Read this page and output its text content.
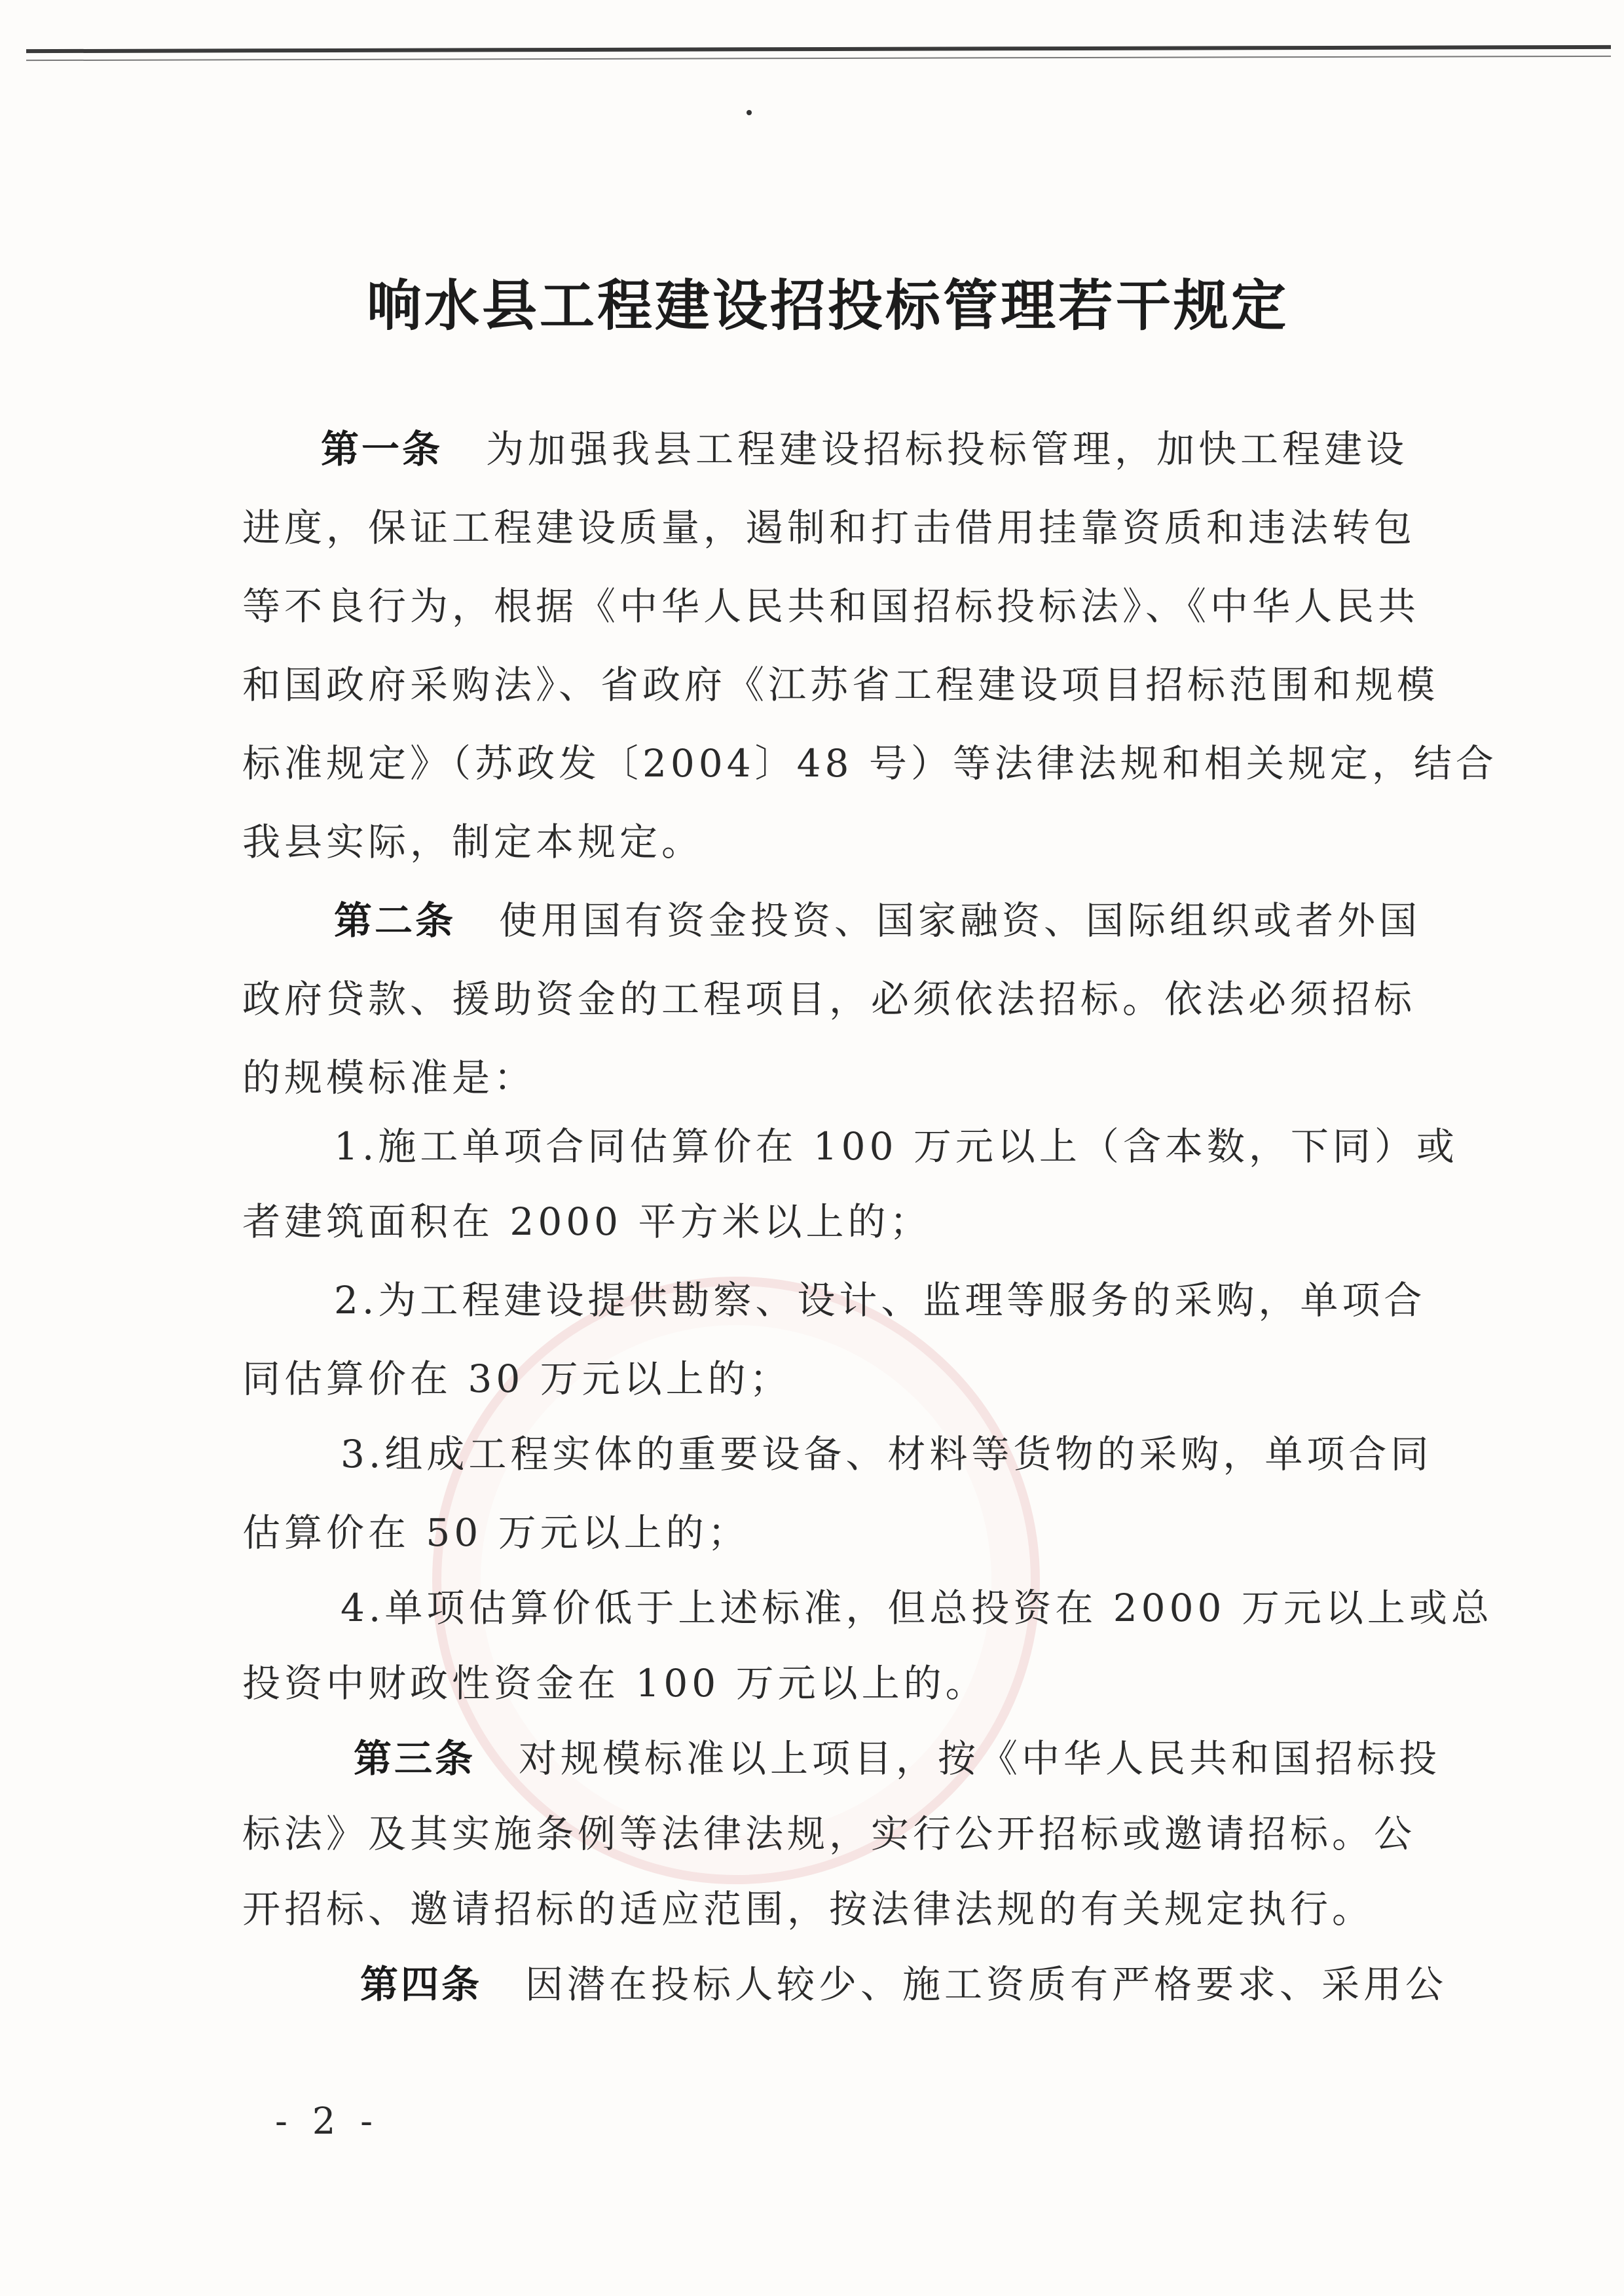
响水县工程建设招投标管理若干规定
第一条 为加强我县工程建设招标投标管理，加快工程建设
进度，保证工程建设质量，遏制和打击借用挂靠资质和违法转包
等不良行为，根据《中华人民共和国招标投标法》、《中华人民共
和国政府采购法》、省政府《江苏省工程建设项目招标范围和规模
标准规定》（苏政发〔2004〕48 号）等法律法规和相关规定，结合
我县实际，制定本规定。
第二条 使用国有资金投资、国家融资、国际组织或者外国
政府贷款、援助资金的工程项目，必须依法招标。依法必须招标
的规模标准是：
1.施工单项合同估算价在 100 万元以上（含本数，下同）或
者建筑面积在 2000 平方米以上的；
2.为工程建设提供勘察、设计、监理等服务的采购，单项合
同估算价在 30 万元以上的；
3.组成工程实体的重要设备、材料等货物的采购，单项合同
估算价在 50 万元以上的；
4.单项估算价低于上述标准，但总投资在 2000 万元以上或总
投资中财政性资金在 100 万元以上的。
第三条 对规模标准以上项目，按《中华人民共和国招标投
标法》及其实施条例等法律法规，实行公开招标或邀请招标。公
开招标、邀请招标的适应范围，按法律法规的有关规定执行。
第四条 因潜在投标人较少、施工资质有严格要求、采用公
- 2 -
